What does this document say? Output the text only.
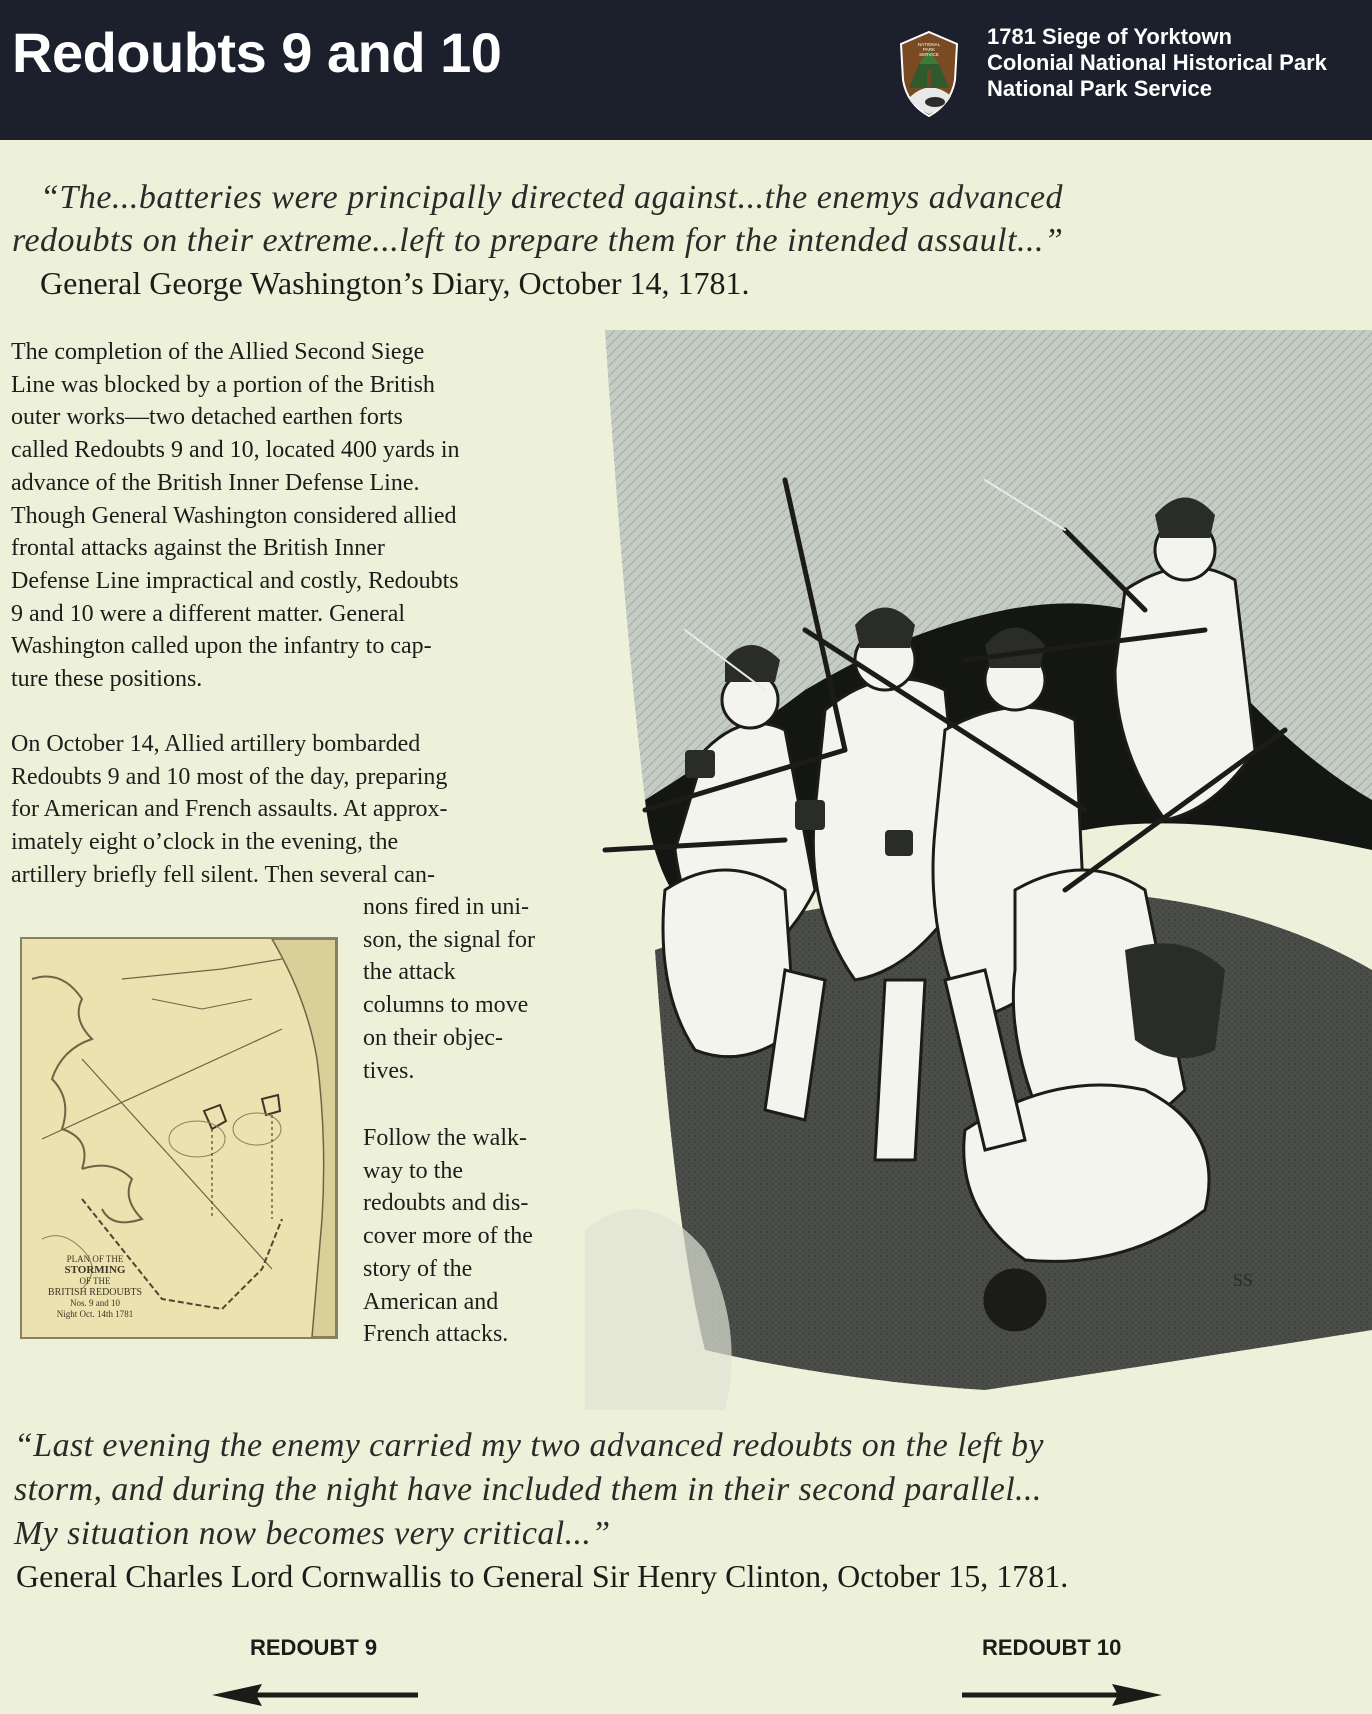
Redoubts 9 and 10	NATIONAL
PARK
SERVICE
1781 Siege of Yorktown
Colonial National Historical Park
National Park Service
“The...batteries were principally directed against...the enemys advanced
redoubts on their extreme...left to prepare them for the intended assault...”
General George Washington’s Diary, October 14, 1781.
The completion of the Allied Second Siege
Line was blocked by a portion of the British
outer works—two detached earthen forts
called Redoubts 9 and 10, located 400 yards in
advance of the British Inner Defense Line.
Though General Washington considered allied
frontal attacks against the British Inner
Defense Line impractical and costly, Redoubts
9 and 10 were a different matter. General
Washington called upon the infantry to cap-
ture these positions.
On October 14, Allied artillery bombarded
Redoubts 9 and 10 most of the day, preparing
for American and French assaults. At approx-
imately eight o’clock in the evening, the
artillery briefly fell silent. Then several can-
nons fired in uni-
son, the signal for
the attack
columns to move
on their objec-
tives.
Follow the walk-
way to the
redoubts and dis-
cover more of the
story of the
American and
French attacks.
PLAN OF THE
STORMING
OF THE
BRITISH REDOUBTS
Nos. 9 and 10
Night Oct. 14th 1781
SS
“Last evening the enemy carried my two advanced redoubts on the left by
storm, and during the night have included them in their second parallel...
My situation now becomes very critical...”
General Charles Lord Cornwallis to General Sir Henry Clinton, October 15, 1781.
REDOUBT 9	REDOUBT 10
